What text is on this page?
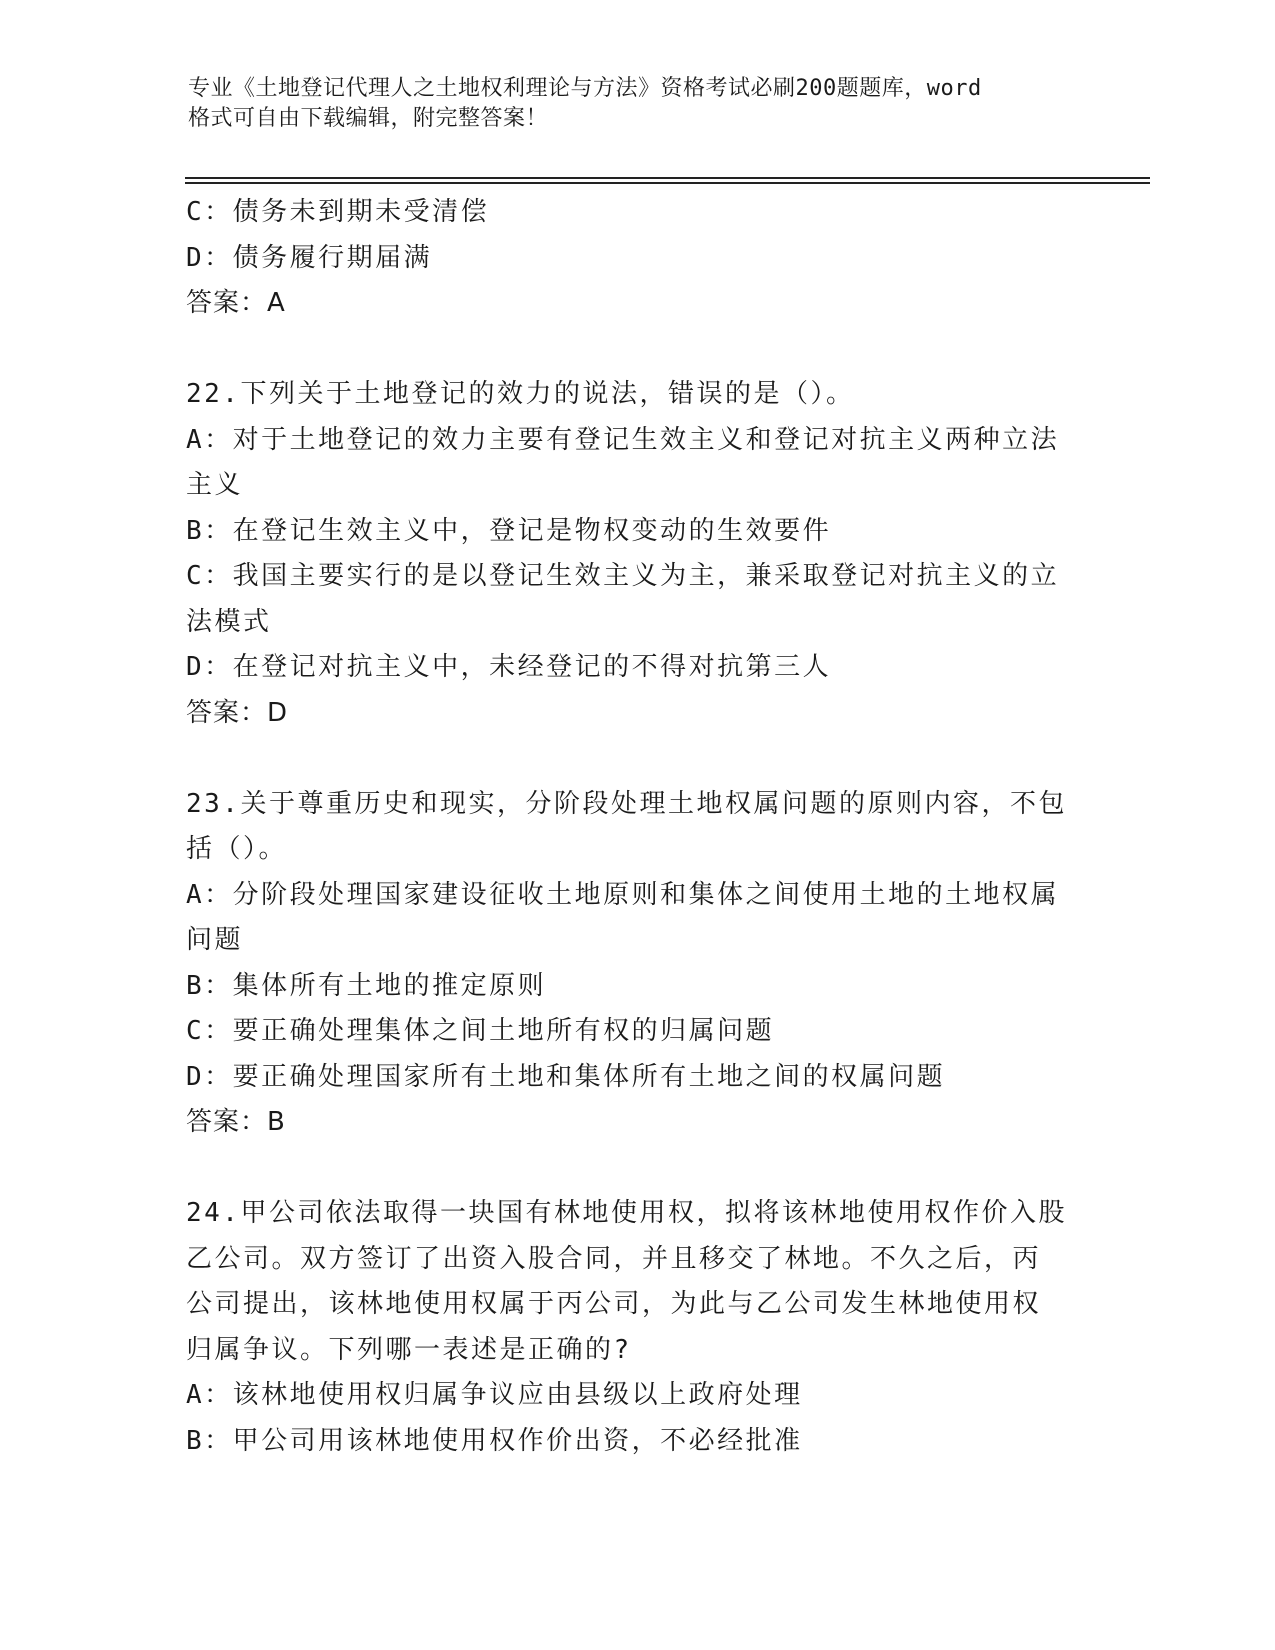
专业《土地登记代理人之土地权利理论与方法》资格考试必刷200题题库，word
格式可自由下载编辑，附完整答案！
C：债务未到期未受清偿
D：债务履行期届满
答案：A
22.下列关于土地登记的效力的说法，错误的是（）。
A：对于土地登记的效力主要有登记生效主义和登记对抗主义两种立法
主义
B：在登记生效主义中，登记是物权变动的生效要件
C：我国主要实行的是以登记生效主义为主，兼采取登记对抗主义的立
法模式
D：在登记对抗主义中，未经登记的不得对抗第三人
答案：D
23.关于尊重历史和现实，分阶段处理土地权属问题的原则内容，不包
括（）。
A：分阶段处理国家建设征收土地原则和集体之间使用土地的土地权属
问题
B：集体所有土地的推定原则
C：要正确处理集体之间土地所有权的归属问题
D：要正确处理国家所有土地和集体所有土地之间的权属问题
答案：B
24.甲公司依法取得一块国有林地使用权，拟将该林地使用权作价入股
乙公司。双方签订了出资入股合同，并且移交了林地。不久之后，丙
公司提出，该林地使用权属于丙公司，为此与乙公司发生林地使用权
归属争议。下列哪一表述是正确的?
A：该林地使用权归属争议应由县级以上政府处理
B：甲公司用该林地使用权作价出资，不必经批准
